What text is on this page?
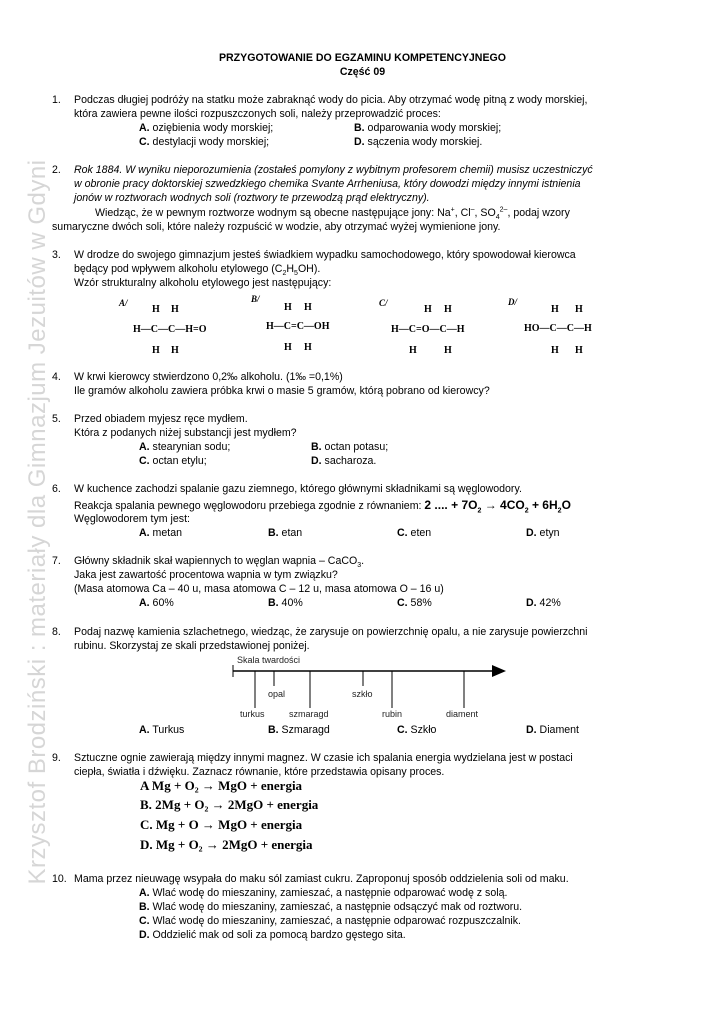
Krzysztof Brodziński : materiały dla Gimnazjum Jezuitów w Gdyni
PRZYGOTOWANIE DO EGZAMINU KOMPETENCYJNEGO
Część 09
1. Podczas długiej podróży na statku może zabraknąć wody do picia. Aby otrzymać wodę pitną z wody morskiej,
która zawiera pewne ilości rozpuszczonych soli, należy przeprowadzić proces:
A. oziębienia wody morskiej;	B. odparowania wody morskiej;
C. destylacji wody morskiej;	D. sączenia wody morskiej.
2. Rok 1884. W wyniku nieporozumienia (zostałeś pomylony z wybitnym profesorem chemii) musisz uczestniczyć
w obronie pracy doktorskiej szwedzkiego chemika Svante Arrheniusa, który dowodzi między innymi istnienia
jonów w roztworach wodnych soli (roztwory te przewodzą prąd elektryczny).
Wiedząc, że w pewnym roztworze wodnym są obecne następujące jony: Na+, Cl–, $SO_4^{2-}$, podaj wzory
sumaryczne dwóch soli, które należy rozpuścić w wodzie, aby otrzymać wyżej wymienione jony.
3. W drodze do swojego gimnazjum jesteś świadkiem wypadku samochodowego, który spowodował kierowca
będący pod wpływem alkoholu etylowego $(C_2H_5OH)$.
Wzór strukturalny alkoholu etylowego jest następujący:
A/
H H
H—C—C—H=O
H H
B/
H H
H—C=C—OH
H H
C/
H H
H—C=O—C—H
H	H
D/
H H
HO—C—C—H
H H
4. W krwi kierowcy stwierdzono 0,2‰ alkoholu. (1‰ =0,1%)
Ile gramów alkoholu zawiera próbka krwi o masie 5 gramów, którą pobrano od kierowcy?
5. Przed obiadem myjesz ręce mydłem.
Która z podanych niżej substancji jest mydłem?
A. stearynian sodu;	B. octan potasu;
C. octan etylu;	D. sacharoza.
6. W kuchence zachodzi spalanie gazu ziemnego, którego głównymi składnikami są węglowodory.
Reakcja spalania pewnego węglowodoru przebiega zgodnie z równaniem: 2 .... + $7O_2 \to 4CO_2 + 6H_2O$
Węglowodorem tym jest:
A. metan	B. etan	C. eten	D. etyn
7. Główny składnik skał wapiennych to węglan wapnia – CaCO$_3$.
Jaka jest zawartość procentowa wapnia w tym związku?
(Masa atomowa Ca – 40 u, masa atomowa C – 12 u, masa atomowa O – 16 u)
A. 60%	B. 40%	C. 58%	D. 42%
8. Podaj nazwę kamienia szlachetnego, wiedząc, że zarysuje on powierzchnię opalu, a nie zarysuje powierzchni
rubinu. Skorzystaj ze skali przedstawionej poniżej.
Skala twardości
opal	szkło
turkus	szmaragd	rubin	diament
A. Turkus	B. Szmaragd	C. Szkło	D. Diament
9. Sztuczne ognie zawierają między innymi magnez. W czasie ich spalania energia wydzielana jest w postaci
ciepła, światła i dźwięku. Zaznacz równanie, które przedstawia opisany proces.
A Mg + O₂ → MgO + energia
B. 2Mg + O₂ → 2MgO + energia
C. Mg + O → MgO + energia
D. Mg + O₂ → 2MgO + energia
10. Mama przez nieuwagę wsypała do maku sól zamiast cukru. Zaproponuj sposób oddzielenia soli od maku.
A. Wlać wodę do mieszaniny, zamieszać, a następnie odparować wodę z solą.
B. Wlać wodę do mieszaniny, zamieszać, a następnie odsączyć mak od roztworu.
C. Wlać wodę do mieszaniny, zamieszać, a następnie odparować rozpuszczalnik.
D. Oddzielić mak od soli za pomocą bardzo gęstego sita.
